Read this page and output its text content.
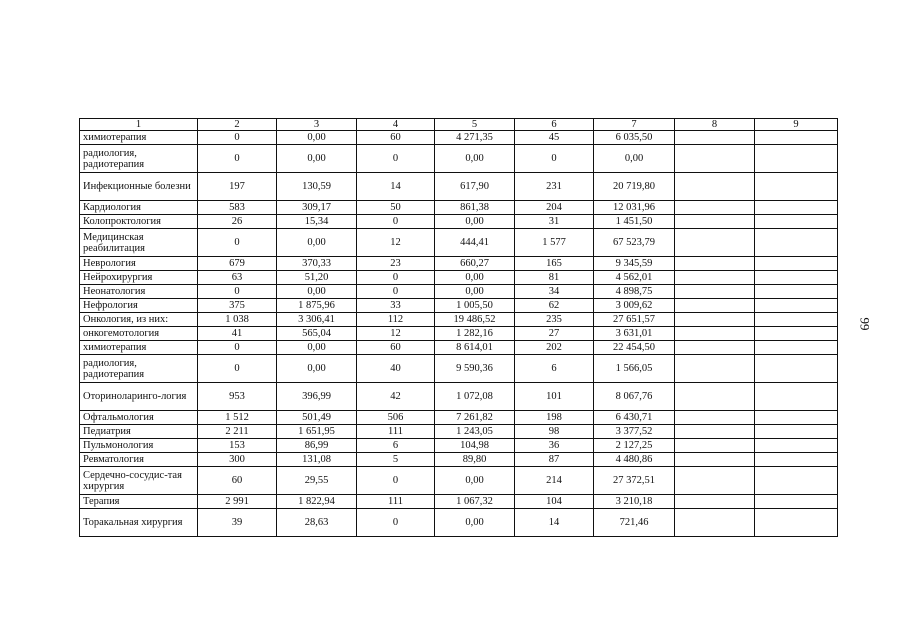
1	2	3	4	5	6	7	8	9
химиотерапия	0	0,00	60	4 271,35	45	6 035,50		
радиология, радиотерапия	0	0,00	0	0,00	0	0,00		
Инфекционные болезни	197	130,59	14	617,90	231	20 719,80		
Кардиология	583	309,17	50	861,38	204	12 031,96		
Колопроктология	26	15,34	0	0,00	31	1 451,50		
Медицинская реабилитация	0	0,00	12	444,41	1 577	67 523,79		
Неврология	679	370,33	23	660,27	165	9 345,59		
Нейрохирургия	63	51,20	0	0,00	81	4 562,01		
Неонатология	0	0,00	0	0,00	34	4 898,75		
Нефрология	375	1 875,96	33	1 005,50	62	3 009,62		
Онкология, из них:	1 038	3 306,41	112	19 486,52	235	27 651,57		
онкогемотология	41	565,04	12	1 282,16	27	3 631,01		
химиотерапия	0	0,00	60	8 614,01	202	22 454,50		
радиология, радиотерапия	0	0,00	40	9 590,36	6	1 566,05		
Оториноларинго-логия	953	396,99	42	1 072,08	101	8 067,76		
Офтальмология	1 512	501,49	506	7 261,82	198	6 430,71		
Педиатрия	2 211	1 651,95	111	1 243,05	98	3 377,52		
Пульмонология	153	86,99	6	104,98	36	2 127,25		
Ревматология	300	131,08	5	89,80	87	4 480,86		
Сердечно-сосудис-тая хирургия	60	29,55	0	0,00	214	27 372,51		
Терапия	2 991	1 822,94	111	1 067,32	104	3 210,18		
Торакальная хирургия	39	28,63	0	0,00	14	721,46		
99
